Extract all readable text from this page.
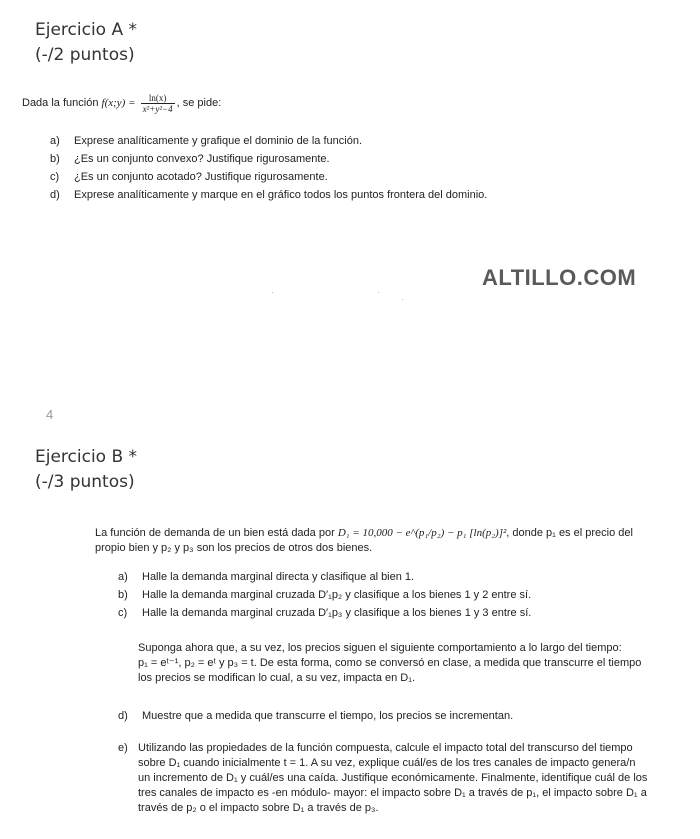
Ejercicio A *
(-/2 puntos)
Dada la función f(x;y) = $\frac{\ln(x)}{\text{x²+y²−4}}$ , se pide:
a) Exprese analíticamente y grafique el dominio de la función.
b) ¿Es un conjunto convexo? Justifique rigurosamente.
c) ¿Es un conjunto acotado? Justifique rigurosamente.
d) Exprese analíticamente y marque en el gráfico todos los puntos frontera del dominio.
ALTILLO.COM
4
Ejercicio B *
(-/3 puntos)
La función de demanda de un bien está dada por D₁ = 10,000 − e^(p₁/p₂) − p₁ [ln(p₂)]², donde p₁ es el precio del
propio bien y p₂ y p₃ son los precios de otros dos bienes.
a) Halle la demanda marginal directa y clasifique al bien 1.
b) Halle la demanda marginal cruzada D′₁p₂ y clasifique a los bienes 1 y 2 entre sí.
c) Halle la demanda marginal cruzada D′₁p₃ y clasifique a los bienes 1 y 3 entre sí.
Suponga ahora que, a su vez, los precios siguen el siguiente comportamiento a lo largo del tiempo:
p₁ = eᵗ⁻¹, p₂ = eᵗ y p₃ = t. De esta forma, como se conversó en clase, a medida que transcurre el tiempo
los precios se modifican lo cual, a su vez, impacta en D₁.
d) Muestre que a medida que transcurre el tiempo, los precios se incrementan.
e) Utilizando las propiedades de la función compuesta, calcule el impacto total del transcurso del tiempo
sobre D₁ cuando inicialmente t = 1. A su vez, explique cuál/es de los tres canales de impacto genera/n
un incremento de D₁ y cuál/es una caída. Justifique económicamente. Finalmente, identifique cuál de los
tres canales de impacto es -en módulo- mayor: el impacto sobre D₁ a través de p₁, el impacto sobre D₁ a
través de p₂ o el impacto sobre D₁ a través de p₃.
